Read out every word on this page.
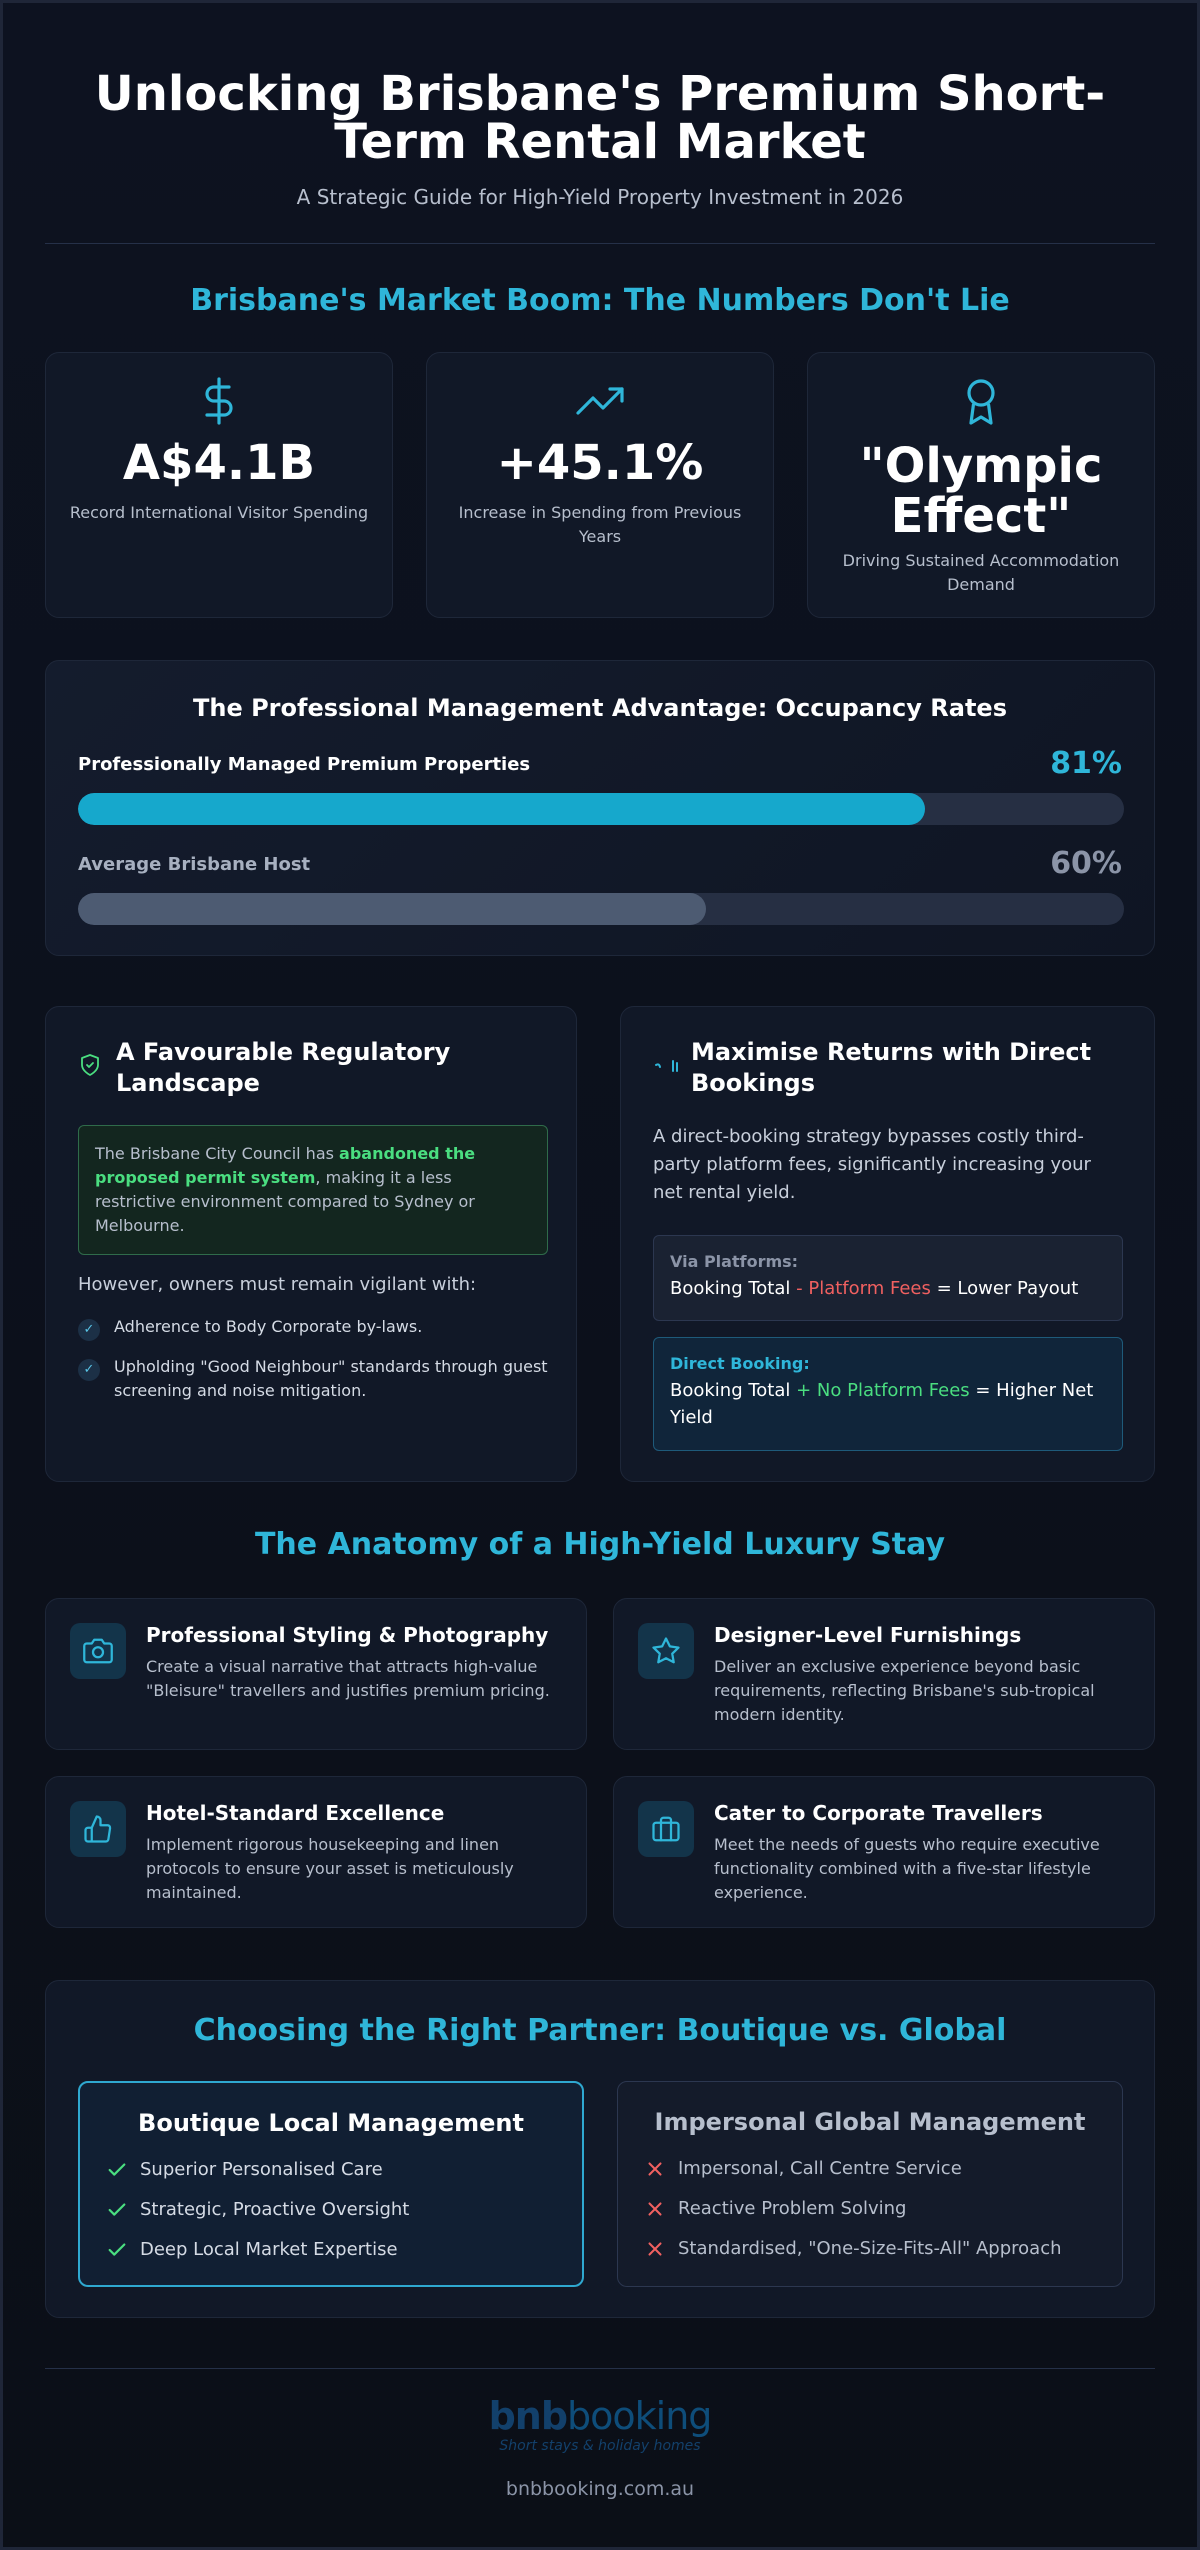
Unlocking Brisbane's Premium Short-
Term Rental Market
A Strategic Guide for High-Yield Property Investment in 2026
Brisbane's Market Boom: The Numbers Don't Lie
A$4.1B
Record International Visitor Spending
+45.1%
Increase in Spending from Previous Years
"Olympic
Effect"
Driving Sustained Accommodation Demand
The Professional Management Advantage: Occupancy Rates
Professionally Managed Premium Properties	81%
Average Brisbane Host	60%
A Favourable Regulatory Landscape
The Brisbane City Council has abandoned the proposed permit system, making it a less restrictive environment compared to Sydney or Melbourne.
However, owners must remain vigilant with:
✓	Adherence to Body Corporate by-laws.
✓	Upholding "Good Neighbour" standards through guest screening and noise mitigation.
Maximise Returns with Direct Bookings
A direct-booking strategy bypasses costly third-party platform fees, significantly increasing your net rental yield.
Via Platforms:
Booking Total - Platform Fees = Lower Payout
Direct Booking:
Booking Total + No Platform Fees = Higher Net Yield
The Anatomy of a High-Yield Luxury Stay
Professional Styling & Photography
Create a visual narrative that attracts high-value "Bleisure" travellers and justifies premium pricing.
Designer-Level Furnishings
Deliver an exclusive experience beyond basic requirements, reflecting Brisbane's sub-tropical modern identity.
Hotel-Standard Excellence
Implement rigorous housekeeping and linen protocols to ensure your asset is meticulously maintained.
Cater to Corporate Travellers
Meet the needs of guests who require executive functionality combined with a five-star lifestyle experience.
Choosing the Right Partner: Boutique vs. Global
Boutique Local Management
Superior Personalised Care
Strategic, Proactive Oversight
Deep Local Market Expertise
Impersonal Global Management
Impersonal, Call Centre Service
Reactive Problem Solving
Standardised, "One-Size-Fits-All" Approach
bnbbooking
Short stays & holiday homes
bnbbooking.com.au
